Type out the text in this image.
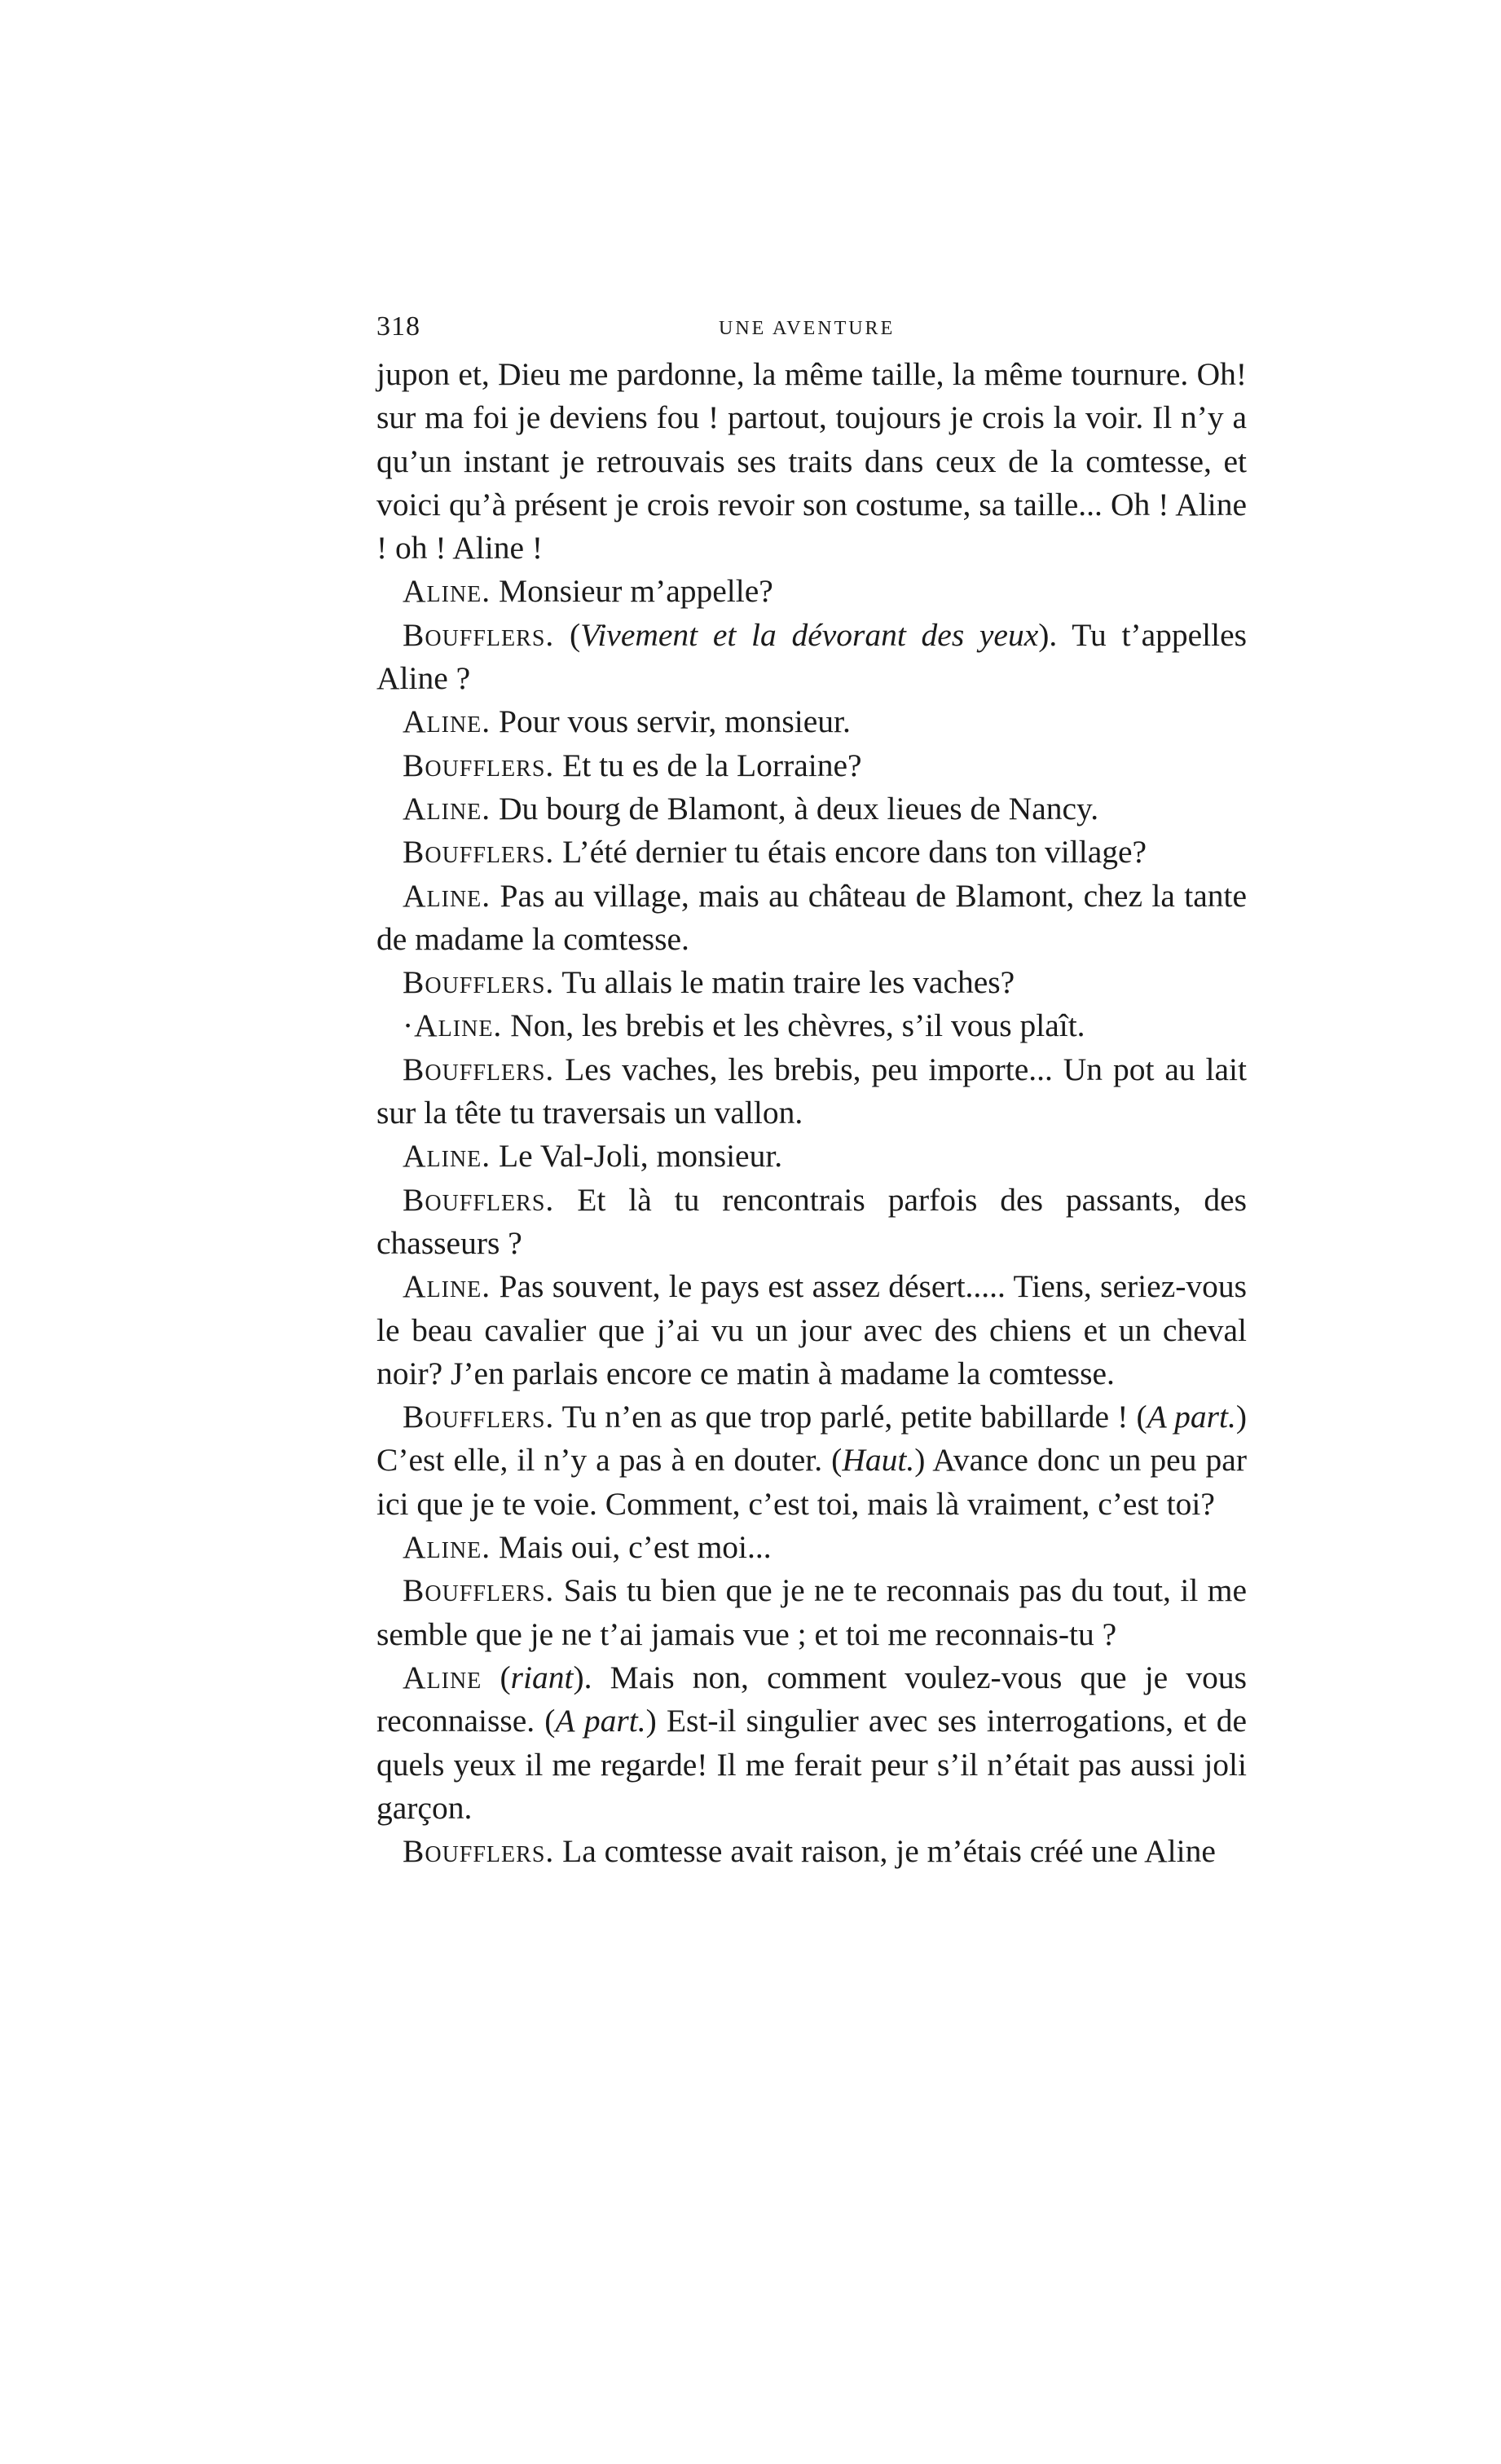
318	UNE AVENTURE

jupon et, Dieu me pardonne, la même taille, la même tournure. Oh! sur ma foi je deviens fou ! partout, toujours je crois la voir. Il n’y a qu’un instant je retrouvais ses traits dans ceux de la comtesse, et voici qu’à présent je crois revoir son costume, sa taille... Oh ! Aline ! oh ! Aline !

Aline. Monsieur m’appelle?

Boufflers. (Vivement et la dévorant des yeux). Tu t’appelles Aline ?

Aline. Pour vous servir, monsieur.

Boufflers. Et tu es de la Lorraine?

Aline. Du bourg de Blamont, à deux lieues de Nancy.

Boufflers. L’été dernier tu étais encore dans ton village?

Aline. Pas au village, mais au château de Blamont, chez la tante de madame la comtesse.

Boufflers. Tu allais le matin traire les vaches?

·Aline. Non, les brebis et les chèvres, s’il vous plaît.

Boufflers. Les vaches, les brebis, peu importe... Un pot au lait sur la tête tu traversais un vallon.

Aline. Le Val-Joli, monsieur.

Boufflers. Et là tu rencontrais parfois des passants, des chasseurs ?

Aline. Pas souvent, le pays est assez désert..... Tiens, seriez-vous le beau cavalier que j’ai vu un jour avec des chiens et un cheval noir? J’en parlais encore ce matin à madame la comtesse.

Boufflers. Tu n’en as que trop parlé, petite babillarde ! (A part.) C’est elle, il n’y a pas à en douter. (Haut.) Avance donc un peu par ici que je te voie. Comment, c’est toi, mais là vraiment, c’est toi?

Aline. Mais oui, c’est moi...

Boufflers. Sais tu bien que je ne te reconnais pas du tout, il me semble que je ne t’ai jamais vue ; et toi me reconnais-tu ?

Aline (riant). Mais non, comment voulez-vous que je vous reconnaisse. (A part.) Est-il singulier avec ses interrogations, et de quels yeux il me regarde! Il me ferait peur s’il n’était pas aussi joli garçon.

Boufflers. La comtesse avait raison, je m’étais créé une Aline
